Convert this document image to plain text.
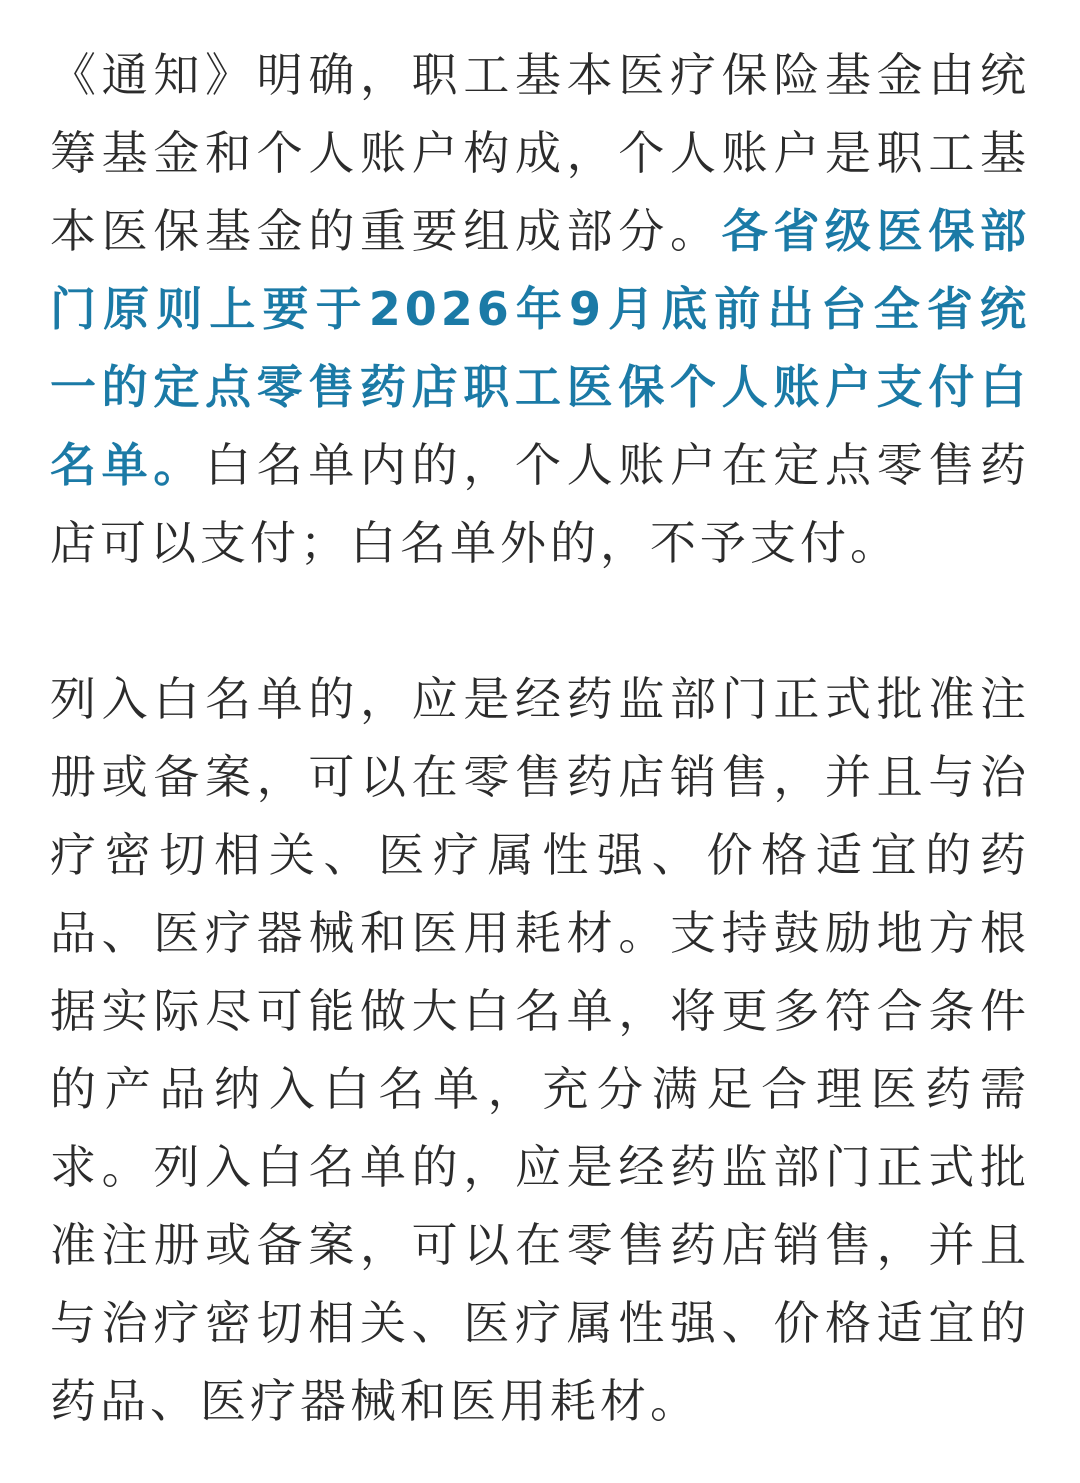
《通知》明确，职工基本医疗保险基金由统筹基金和个人账户构成，个人账户是职工基本医保基金的重要组成部分。各省级医保部门原则上要于2026年9月底前出台全省统一的定点零售药店职工医保个人账户支付白名单。白名单内的，个人账户在定点零售药店可以支付；白名单外的，不予支付。

列入白名单的，应是经药监部门正式批准注册或备案，可以在零售药店销售，并且与治疗密切相关、医疗属性强、价格适宜的药品、医疗器械和医用耗材。支持鼓励地方根据实际尽可能做大白名单，将更多符合条件的产品纳入白名单，充分满足合理医药需求。列入白名单的，应是经药监部门正式批准注册或备案，可以在零售药店销售，并且与治疗密切相关、医疗属性强、价格适宜的药品、医疗器械和医用耗材。
